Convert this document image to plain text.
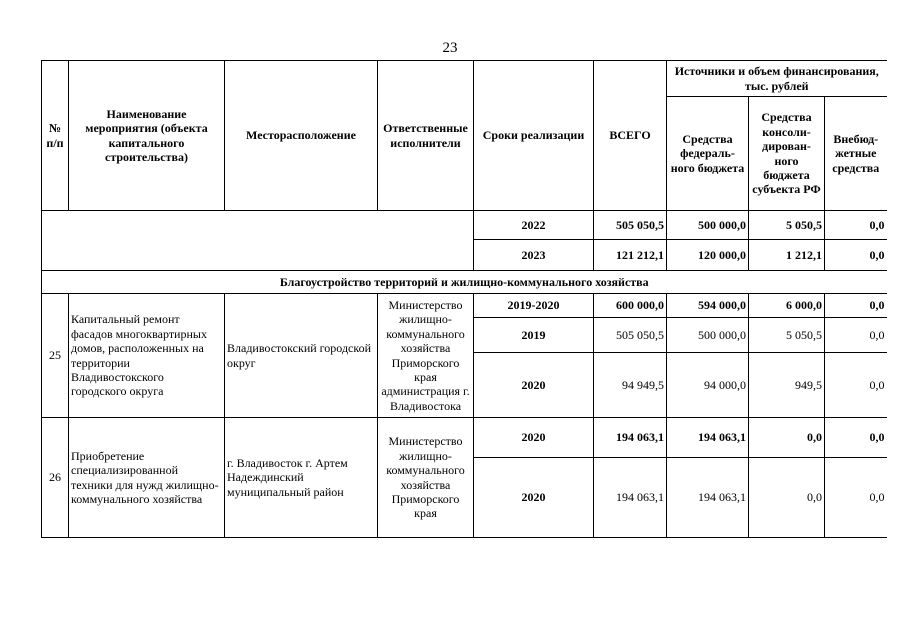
23
№ п/п	Наименование мероприятия (объекта капитального строительства)	Месторасположение	Ответственные исполнители	Сроки реализации	ВСЕГО	Источники и объем финансирования, тыс. рублей		
						Средства федераль-ного бюджета	Средства консоли-дирован-ного бюджета субъекта РФ	Внебюд-жетные средства
				2022	505 050,5	500 000,0	5 050,5	0,0
				2023	121 212,1	120 000,0	1 212,1	0,0
Благоустройство территорий и жилищно-коммунального хозяйства								
25	Капитальный ремонт фасадов многоквартирных домов, расположенных на территории Владивостокского городского округа	Владивостокский городской округ	Министерство жилищно-коммунального хозяйства Приморского края администрация г. Владивостока	2019-2020	600 000,0	594 000,0	6 000,0	0,0
				2019	505 050,5	500 000,0	5 050,5	0,0
				2020	94 949,5	94 000,0	949,5	0,0
26	Приобретение специализированной техники для нужд жилищно-коммунального хозяйства	г. Владивосток г. Артем Надеждинский муниципальный район	Министерство жилищно-коммунального хозяйства Приморского края	2020	194 063,1	194 063,1	0,0	0,0
				2020	194 063,1	194 063,1	0,0	0,0
